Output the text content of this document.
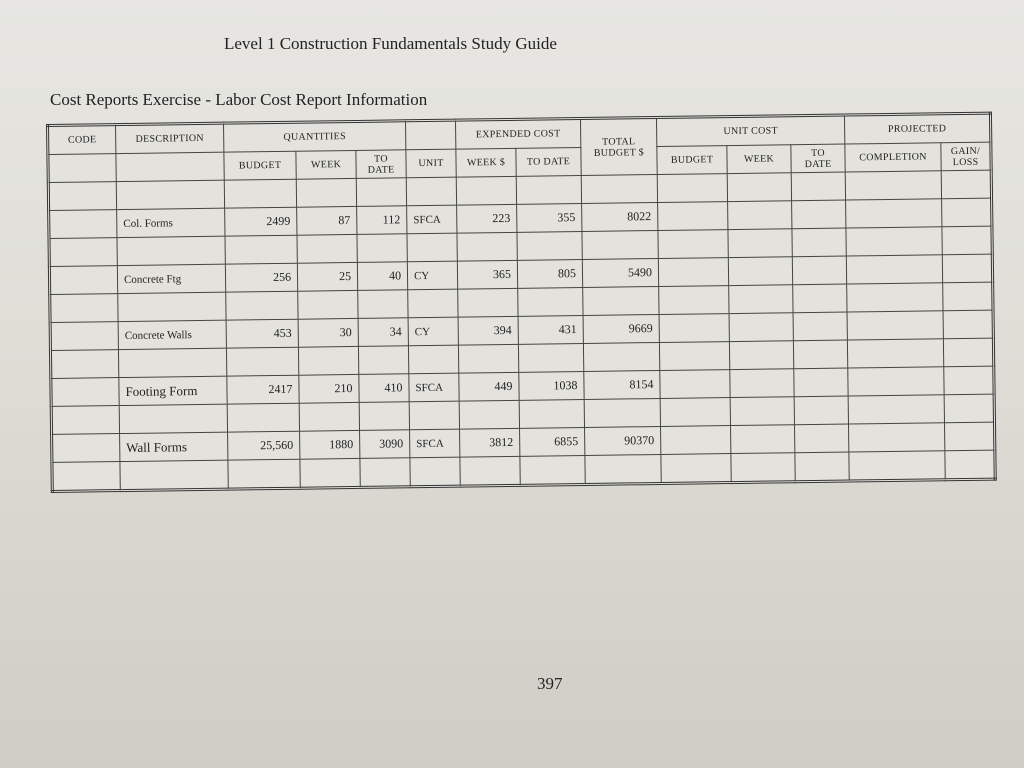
Level 1 Construction Fundamentals Study Guide
Cost Reports Exercise - Labor Cost Report Information
CODE	DESCRIPTION	QUANTITIES				EXPENDED COST		TOTAL BUDGET $	UNIT COST			PROJECTED	
		BUDGET	WEEK	TO DATE	UNIT	WEEK $	TO DATE		BUDGET	WEEK	TO DATE	COMPLETION	GAIN/ LOSS

	Col. Forms	2499	87	112	SFCA	223	355	8022					

	Concrete Ftg	256	25	40	CY	365	805	5490					

	Concrete Walls	453	30	34	CY	394	431	9669					

	Footing Form	2417	210	410	SFCA	449	1038	8154					

	Wall Forms	25,560	1880	3090	SFCA	3812	6855	90370					

397
